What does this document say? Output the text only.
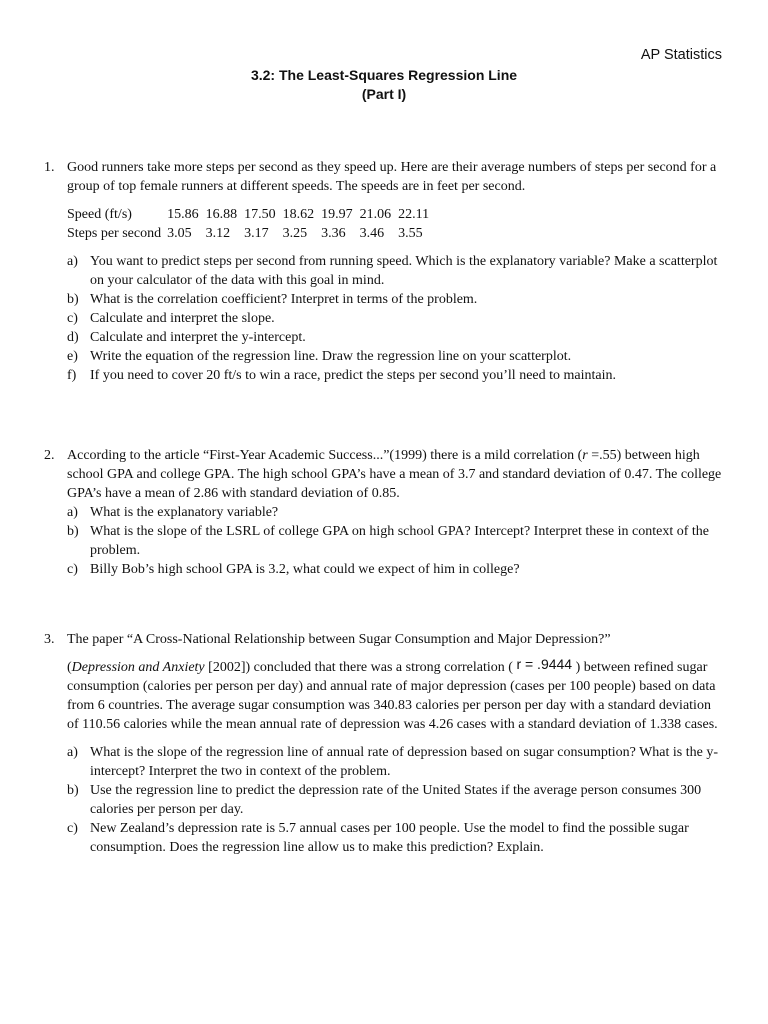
AP Statistics
3.2: The Least-Squares Regression Line
(Part I)
1. Good runners take more steps per second as they speed up. Here are their average numbers of steps per second for a group of top female runners at different speeds. The speeds are in feet per second.
Speed (ft/s)	15.86	16.88	17.50	18.62	19.97	21.06	22.11
Steps per second	3.05	3.12	3.17	3.25	3.36	3.46	3.55
a) You want to predict steps per second from running speed. Which is the explanatory variable? Make a scatterplot on your calculator of the data with this goal in mind.
b) What is the correlation coefficient? Interpret in terms of the problem.
c) Calculate and interpret the slope.
d) Calculate and interpret the y-intercept.
e) Write the equation of the regression line. Draw the regression line on your scatterplot.
f) If you need to cover 20 ft/s to win a race, predict the steps per second you’ll need to maintain.
2. According to the article “First-Year Academic Success...”(1999) there is a mild correlation (r =.55) between high school GPA and college GPA. The high school GPA’s have a mean of 3.7 and standard deviation of 0.47. The college GPA’s have a mean of 2.86 with standard deviation of 0.85.
a) What is the explanatory variable?
b) What is the slope of the LSRL of college GPA on high school GPA? Intercept? Interpret these in context of the problem.
c) Billy Bob’s high school GPA is 3.2, what could we expect of him in college?
3. The paper “A Cross-National Relationship between Sugar Consumption and Major Depression?”
(Depression and Anxiety [2002]) concluded that there was a strong correlation ( r = .9444 ) between refined sugar consumption (calories per person per day) and annual rate of major depression (cases per 100 people) based on data from 6 countries. The average sugar consumption was 340.83 calories per person per day with a standard deviation of 110.56 calories while the mean annual rate of depression was 4.26 cases with a standard deviation of 1.338 cases.
a) What is the slope of the regression line of annual rate of depression based on sugar consumption? What is the y-intercept? Interpret the two in context of the problem.
b) Use the regression line to predict the depression rate of the United States if the average person consumes 300 calories per person per day.
c) New Zealand’s depression rate is 5.7 annual cases per 100 people. Use the model to find the possible sugar consumption. Does the regression line allow us to make this prediction? Explain.
